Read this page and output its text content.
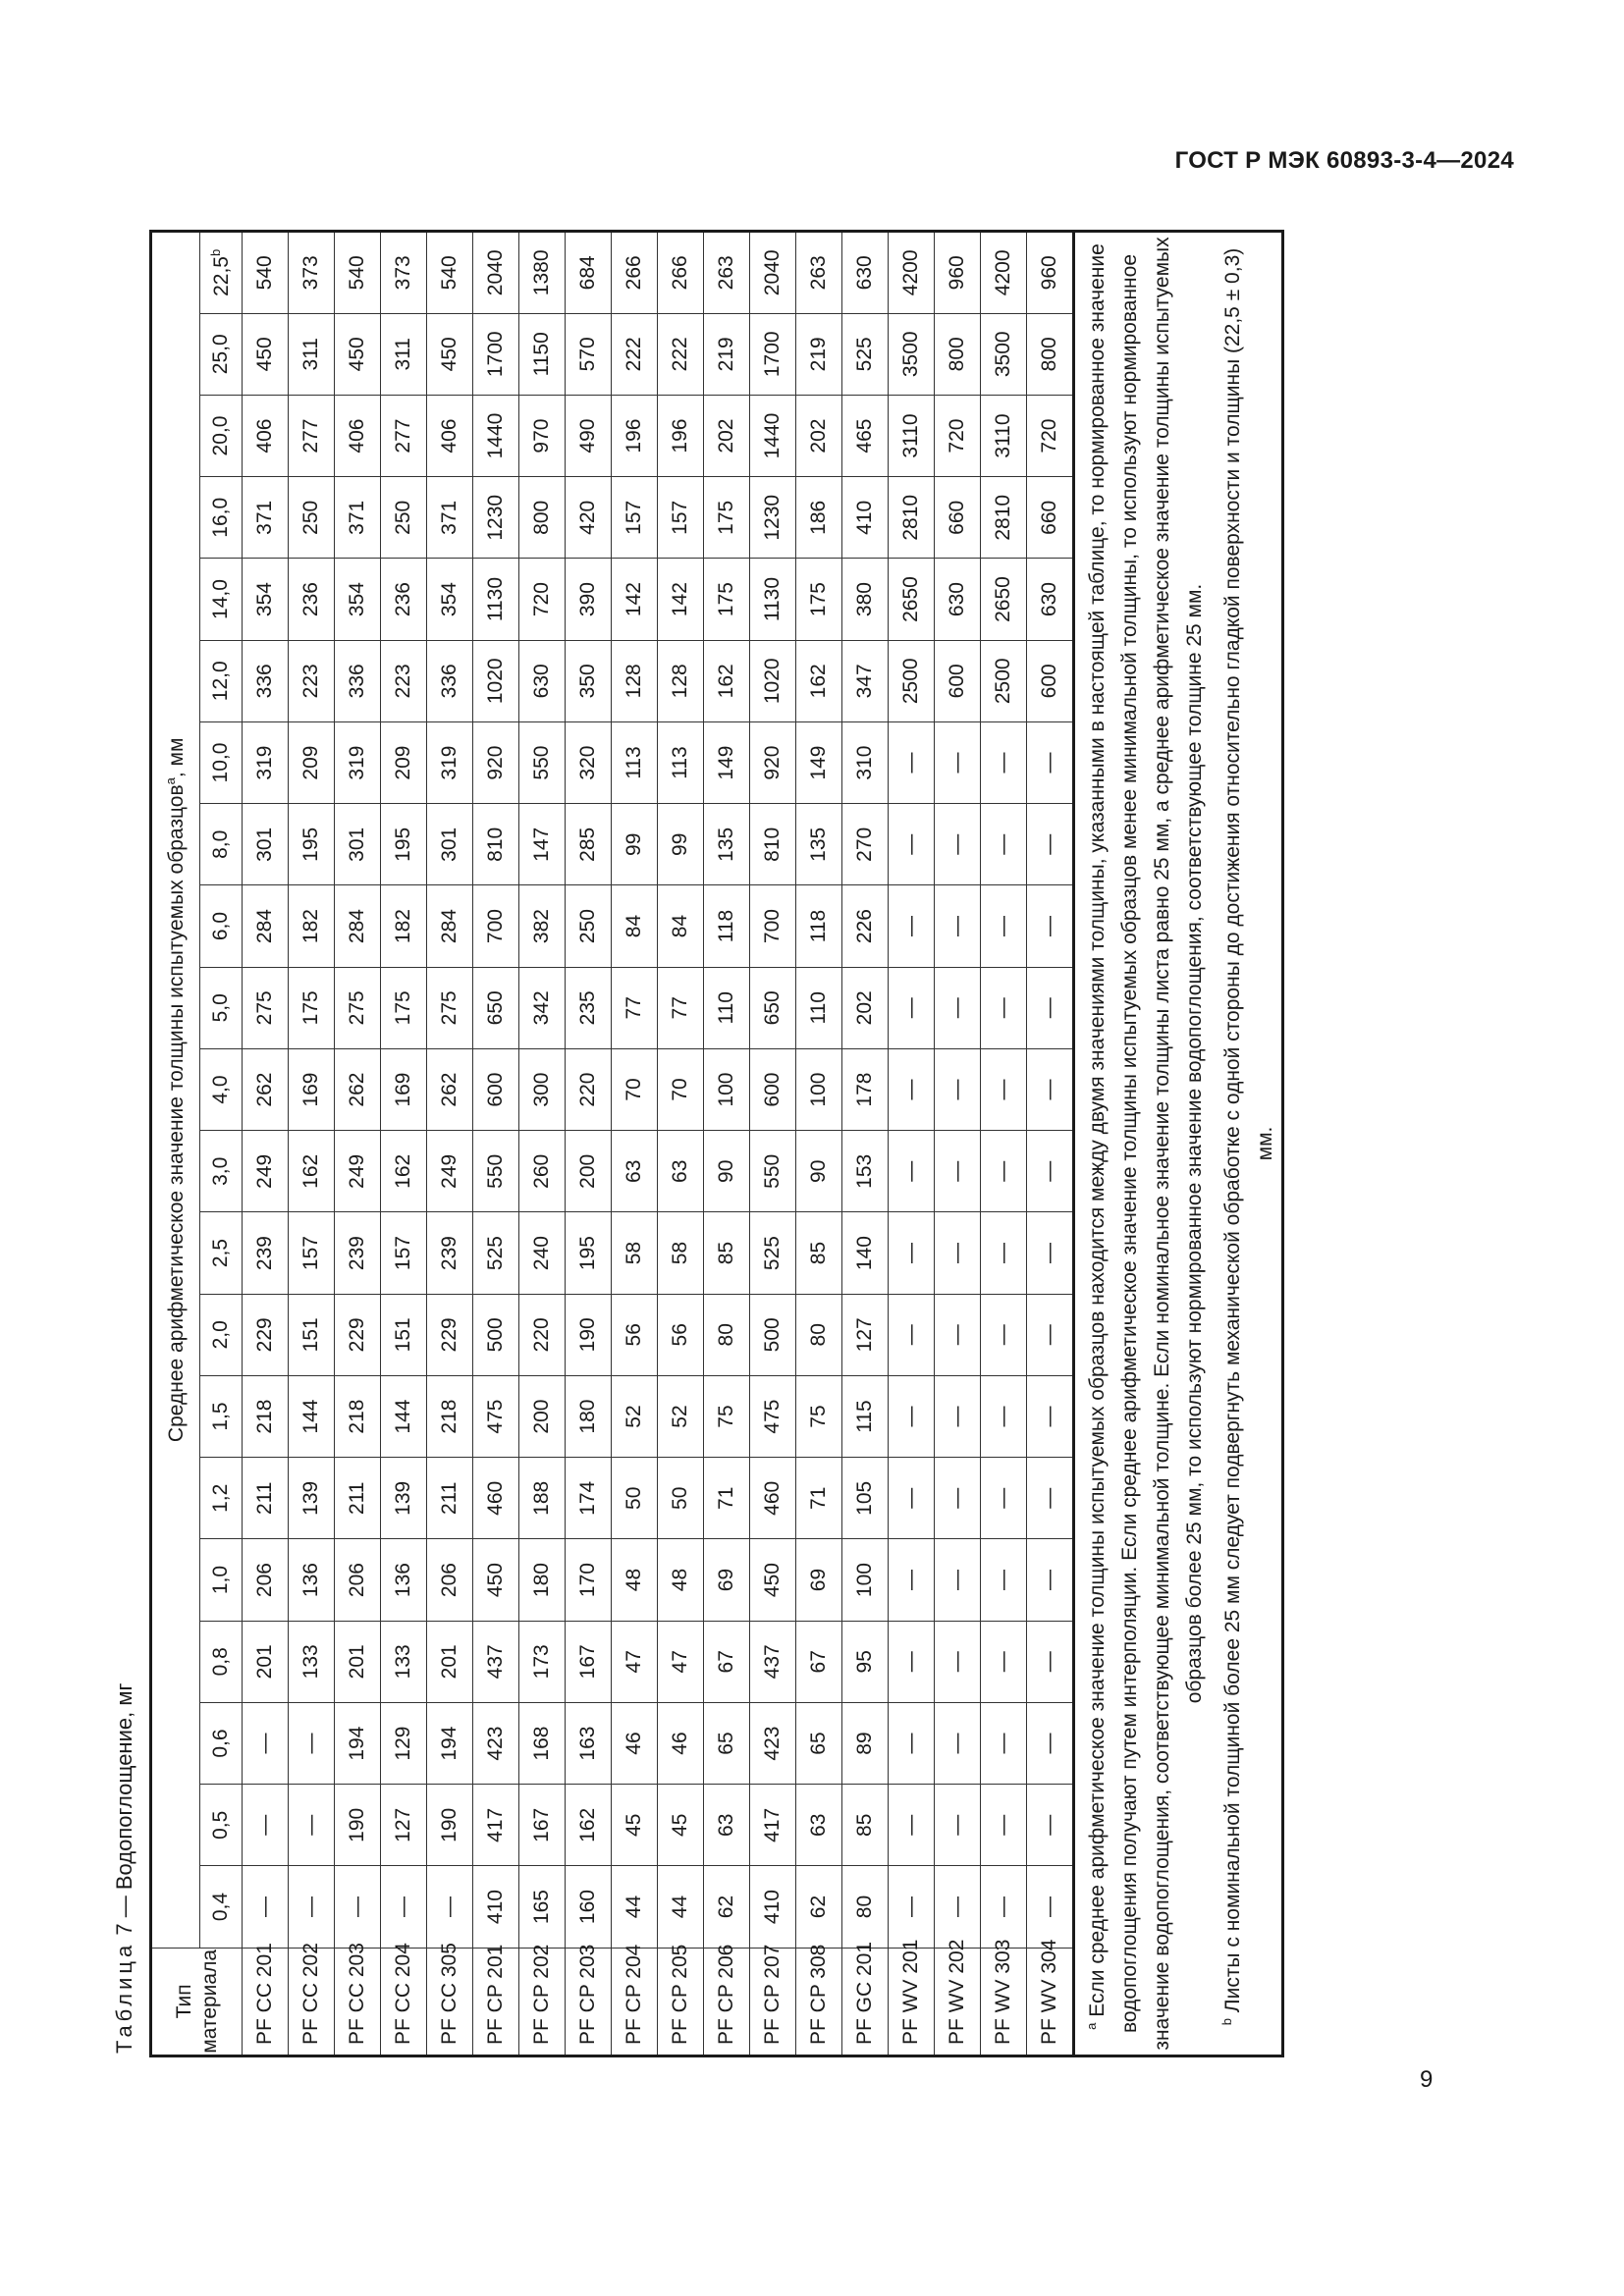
ГОСТ Р МЭК 60893-3-4—2024
Таблица 7 — Водопоглощение, мг
Тип материала	Среднее арифметическое значение толщины испытуемых образцов$^а$, мм																				
	0,4	0,5	0,6	0,8	1,0	1,2	1,5	2,0	2,5	3,0	4,0	5,0	6,0	8,0	10,0	12,0	14,0	16,0	20,0	25,0	22,5$^b$
PF CC 201	—	—	—	201	206	211	218	229	239	249	262	275	284	301	319	336	354	371	406	450	540
PF CC 202	—	—	—	133	136	139	144	151	157	162	169	175	182	195	209	223	236	250	277	311	373
PF CC 203	—	190	194	201	206	211	218	229	239	249	262	275	284	301	319	336	354	371	406	450	540
PF CC 204	—	127	129	133	136	139	144	151	157	162	169	175	182	195	209	223	236	250	277	311	373
PF CC 305	—	190	194	201	206	211	218	229	239	249	262	275	284	301	319	336	354	371	406	450	540
PF CP 201	410	417	423	437	450	460	475	500	525	550	600	650	700	810	920	1020	1130	1230	1440	1700	2040
PF CP 202	165	167	168	173	180	188	200	220	240	260	300	342	382	147	550	630	720	800	970	1150	1380
PF CP 203	160	162	163	167	170	174	180	190	195	200	220	235	250	285	320	350	390	420	490	570	684
PF CP 204	44	45	46	47	48	50	52	56	58	63	70	77	84	99	113	128	142	157	196	222	266
PF CP 205	44	45	46	47	48	50	52	56	58	63	70	77	84	99	113	128	142	157	196	222	266
PF CP 206	62	63	65	67	69	71	75	80	85	90	100	110	118	135	149	162	175	175	202	219	263
PF CP 207	410	417	423	437	450	460	475	500	525	550	600	650	700	810	920	1020	1130	1230	1440	1700	2040
PF CP 308	62	63	65	67	69	71	75	80	85	90	100	110	118	135	149	162	175	186	202	219	263
PF GC 201	80	85	89	95	100	105	115	127	140	153	178	202	226	270	310	347	380	410	465	525	630
PF WV 201	—	—	—	—	—	—	—	—	—	—	—	—	—	—	—	2500	2650	2810	3110	3500	4200
PF WV 202	—	—	—	—	—	—	—	—	—	—	—	—	—	—	—	600	630	660	720	800	960
PF WV 303	—	—	—	—	—	—	—	—	—	—	—	—	—	—	—	2500	2650	2810	3110	3500	4200
PF WV 304	—	—	—	—	—	—	—	—	—	—	—	—	—	—	—	600	630	660	720	800	960

$^а$ Если среднее арифметическое значение толщины испытуемых образцов находится между двумя значениями толщины, указанными в настоящей таблице, то нормированное значение водопоглощения получают путем интерполяции. Если среднее арифметическое значение толщины испытуемых образцов менее минимальной толщины, то используют нормированное значение водопоглощения, соответствующее минимальной толщине. Если номинальное значение толщины листа равно 25 мм, а среднее арифметическое значение толщины испытуемых образцов более 25 мм, то используют нормированное значение водопоглощения, соответствующее толщине 25 мм.

$^b$ Листы с номинальной толщиной более 25 мм следует подвергнуть механической обработке с одной стороны до достижения относительно гладкой поверхности и толщины (22,5 ± 0,3) мм.																					

9
